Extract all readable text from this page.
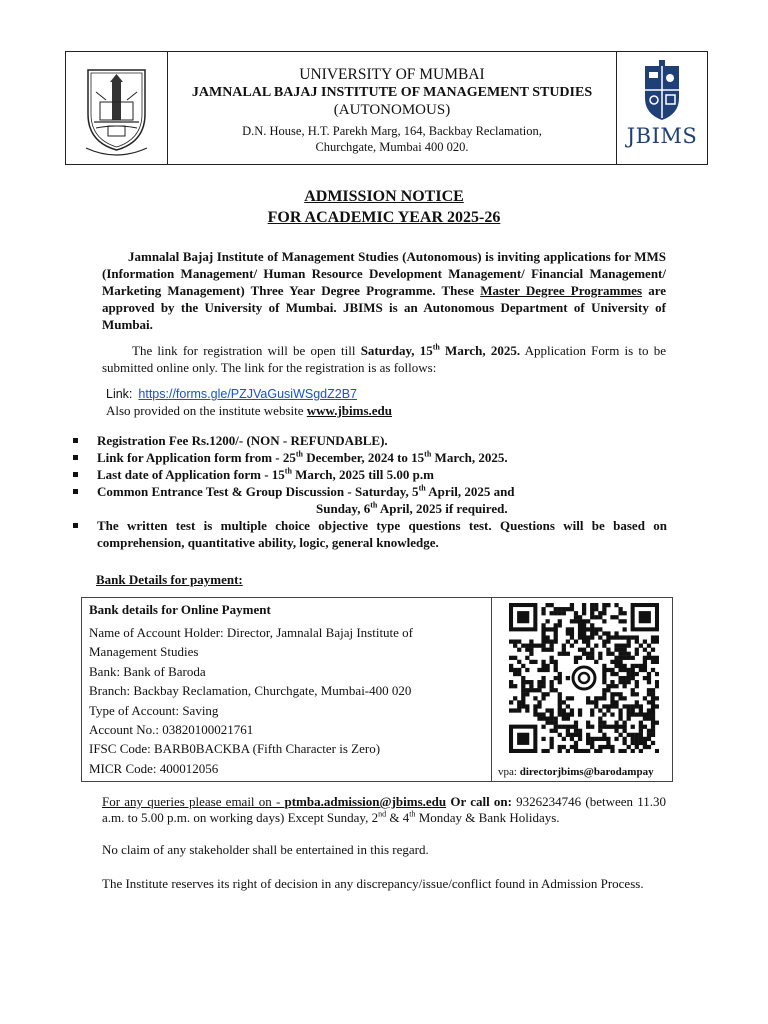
UNIVERSITY OF MUMBAI
JAMNALAL BAJAJ INSTITUTE OF MANAGEMENT STUDIES
(AUTONOMOUS)
D.N. House, H.T. Parekh Marg, 164, Backbay Reclamation,
Churchgate, Mumbai 400 020.	JBIMS
ADMISSION NOTICE
FOR ACADEMIC YEAR 2025-26
Jamnalal Bajaj Institute of Management Studies (Autonomous) is inviting applications for MMS (Information Management/ Human Resource Development Management/ Financial Management/ Marketing Management) Three Year Degree Programme. These Master Degree Programmes are approved by the University of Mumbai. JBIMS is an Autonomous Department of University of Mumbai.
The link for registration will be open till Saturday, 15th March, 2025. Application Form is to be submitted online only. The link for the registration is as follows:
Link: https://forms.gle/PZJVaGusiWSgdZ2B7
Also provided on the institute website www.jbims.edu
Registration Fee Rs.1200/- (NON - REFUNDABLE).
Link for Application form from - 25th December, 2024 to 15th March, 2025.
Last date of Application form - 15th March, 2025 till 5.00 p.m
Common Entrance Test & Group Discussion - Saturday, 5th April, 2025 and
Sunday, 6th April, 2025 if required.
The written test is multiple choice objective type questions test. Questions will be based on comprehension, quantitative ability, logic, general knowledge.
Bank Details for payment:
Bank details for Online Payment
Name of Account Holder: Director, Jamnalal Bajaj Institute of
Management Studies
Bank: Bank of Baroda
Branch: Backbay Reclamation, Churchgate, Mumbai-400 020
Type of Account: Saving
Account No.: 03820100021761
IFSC Code: BARB0BACKBA (Fifth Character is Zero)
MICR Code: 400012056	vpa: directorjbims@barodampay
For any queries please email on - ptmba.admission@jbims.edu Or call on: 9326234746 (between 11.30 a.m. to 5.00 p.m. on working days) Except Sunday, 2nd & 4th Monday & Bank Holidays.
No claim of any stakeholder shall be entertained in this regard.
The Institute reserves its right of decision in any discrepancy/issue/conflict found in Admission Process.
